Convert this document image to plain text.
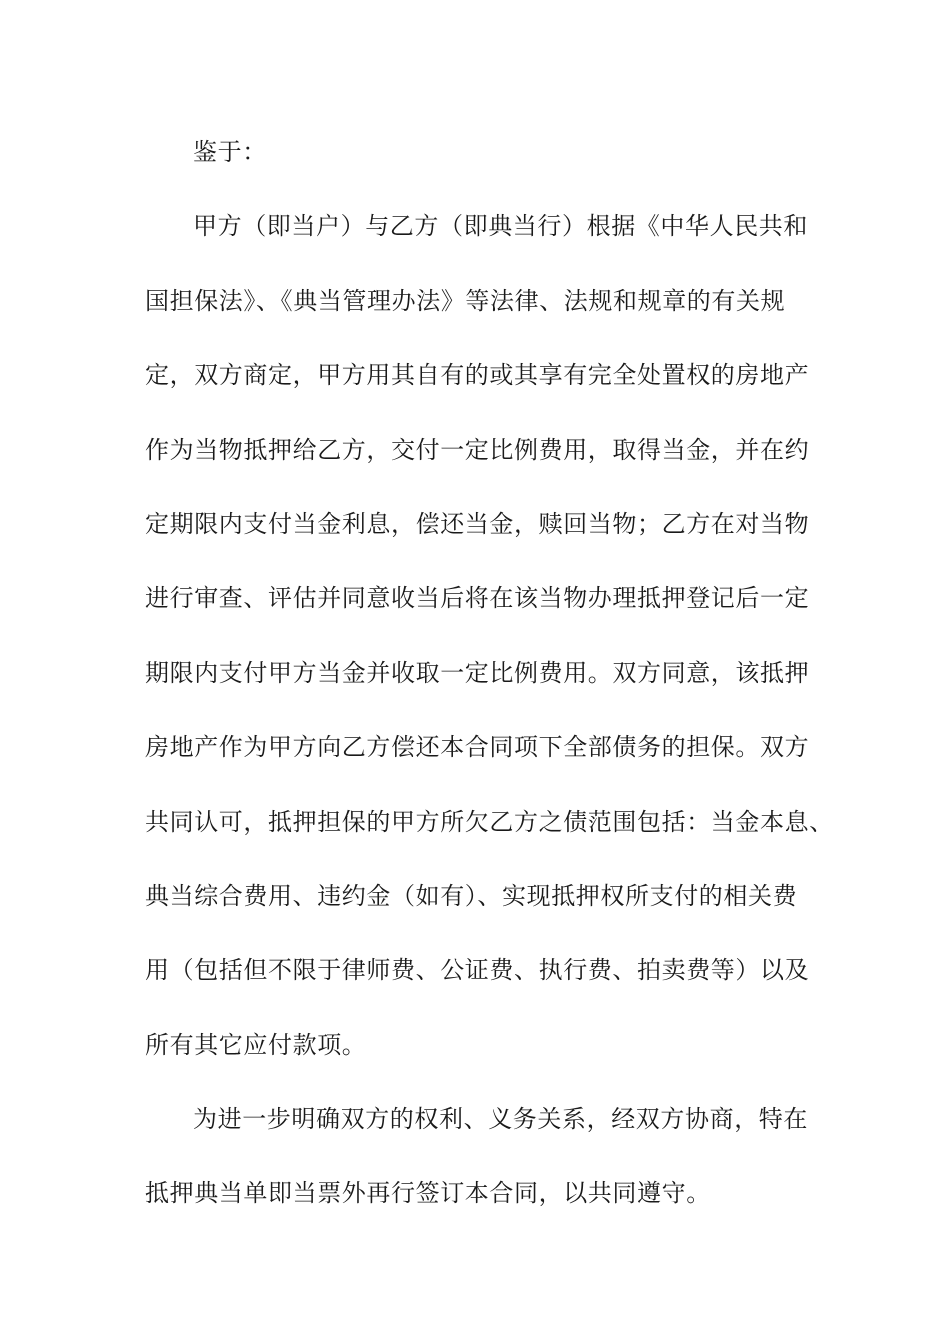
鉴于：
甲方（即当户）与乙方（即典当行）根据《中华人民共和
国担保法》、《典当管理办法》等法律、法规和规章的有关规
定，双方商定，甲方用其自有的或其享有完全处置权的房地产
作为当物抵押给乙方，交付一定比例费用，取得当金，并在约
定期限内支付当金利息，偿还当金，赎回当物；乙方在对当物
进行审查、评估并同意收当后将在该当物办理抵押登记后一定
期限内支付甲方当金并收取一定比例费用。双方同意，该抵押
房地产作为甲方向乙方偿还本合同项下全部债务的担保。双方
共同认可，抵押担保的甲方所欠乙方之债范围包括：当金本息、
典当综合费用、违约金（如有）、实现抵押权所支付的相关费
用（包括但不限于律师费、公证费、执行费、拍卖费等）以及
所有其它应付款项。
为进一步明确双方的权利、义务关系，经双方协商，特在
抵押典当单即当票外再行签订本合同，以共同遵守。
